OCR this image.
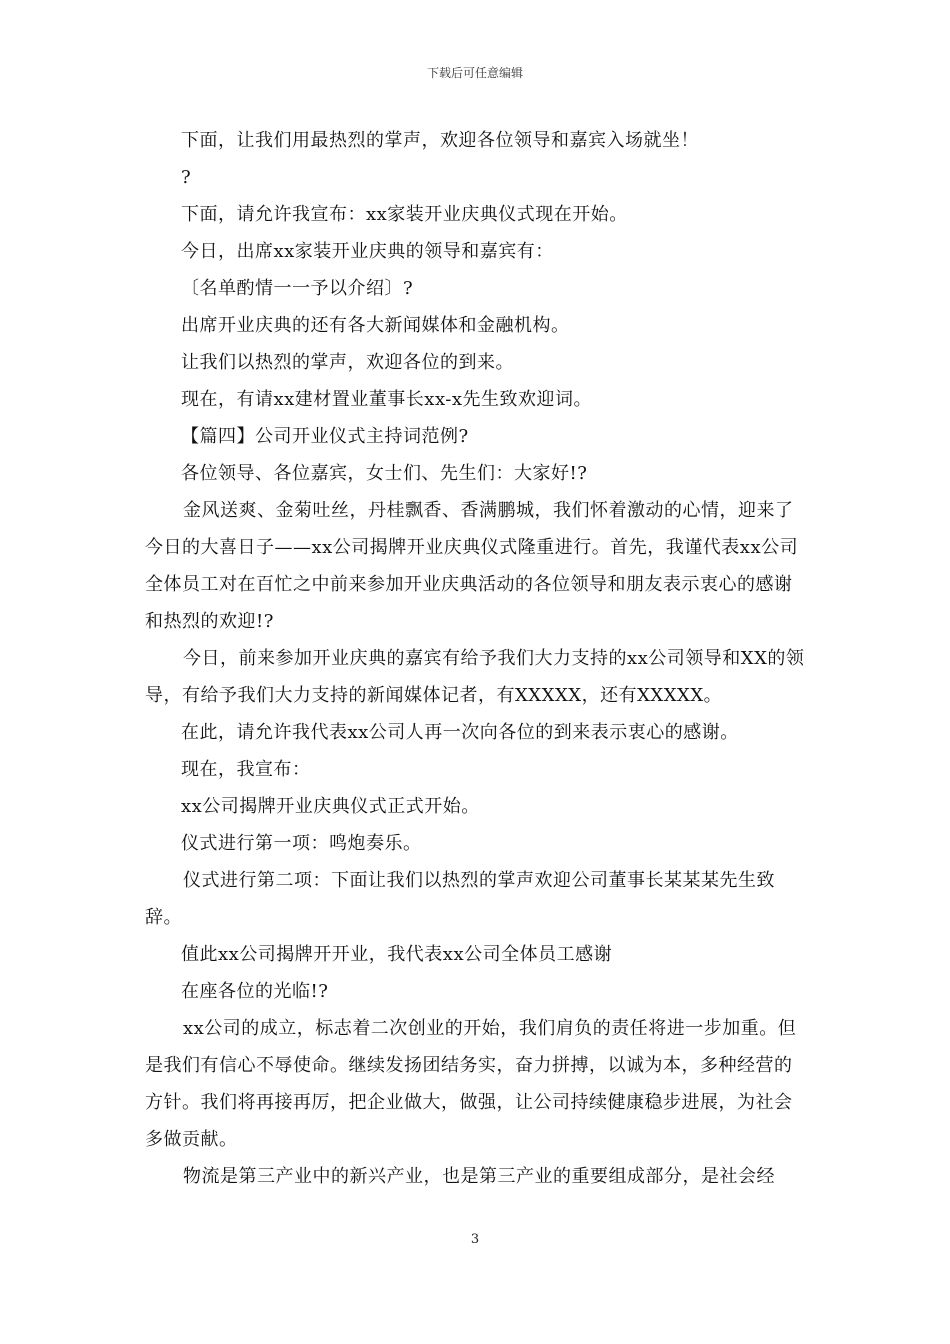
下载后可任意编辑

下面，让我们用最热烈的掌声，欢迎各位领导和嘉宾入场就坐！

?

下面，请允许我宣布：xx家装开业庆典仪式现在开始。

今日，出席xx家装开业庆典的领导和嘉宾有：

〔名单酌情一一予以介绍〕?

出席开业庆典的还有各大新闻媒体和金融机构。

让我们以热烈的掌声，欢迎各位的到来。

现在，有请xx建材置业董事长xx-x先生致欢迎词。

【篇四】公司开业仪式主持词范例?

各位领导、各位嘉宾，女士们、先生们：大家好!?

金风送爽、金菊吐丝，丹桂飘香、香满鹏城，我们怀着激动的心情，迎来了今日的大喜日子——xx公司揭牌开业庆典仪式隆重进行。首先，我谨代表xx公司全体员工对在百忙之中前来参加开业庆典活动的各位领导和朋友表示衷心的感谢和热烈的欢迎!?

今日，前来参加开业庆典的嘉宾有给予我们大力支持的xx公司领导和XX的领导，有给予我们大力支持的新闻媒体记者，有XXXXX，还有XXXXX。

在此，请允许我代表xx公司人再一次向各位的到来表示衷心的感谢。

现在，我宣布：

xx公司揭牌开业庆典仪式正式开始。

仪式进行第一项：鸣炮奏乐。

仪式进行第二项：下面让我们以热烈的掌声欢迎公司董事长某某某先生致辞。

值此xx公司揭牌开开业，我代表xx公司全体员工感谢

在座各位的光临!?

xx公司的成立，标志着二次创业的开始，我们肩负的责任将进一步加重。但是我们有信心不辱使命。继续发扬团结务实，奋力拼搏，以诚为本，多种经营的方针。我们将再接再厉，把企业做大，做强，让公司持续健康稳步进展，为社会多做贡献。

物流是第三产业中的新兴产业，也是第三产业的重要组成部分，是社会经

3
